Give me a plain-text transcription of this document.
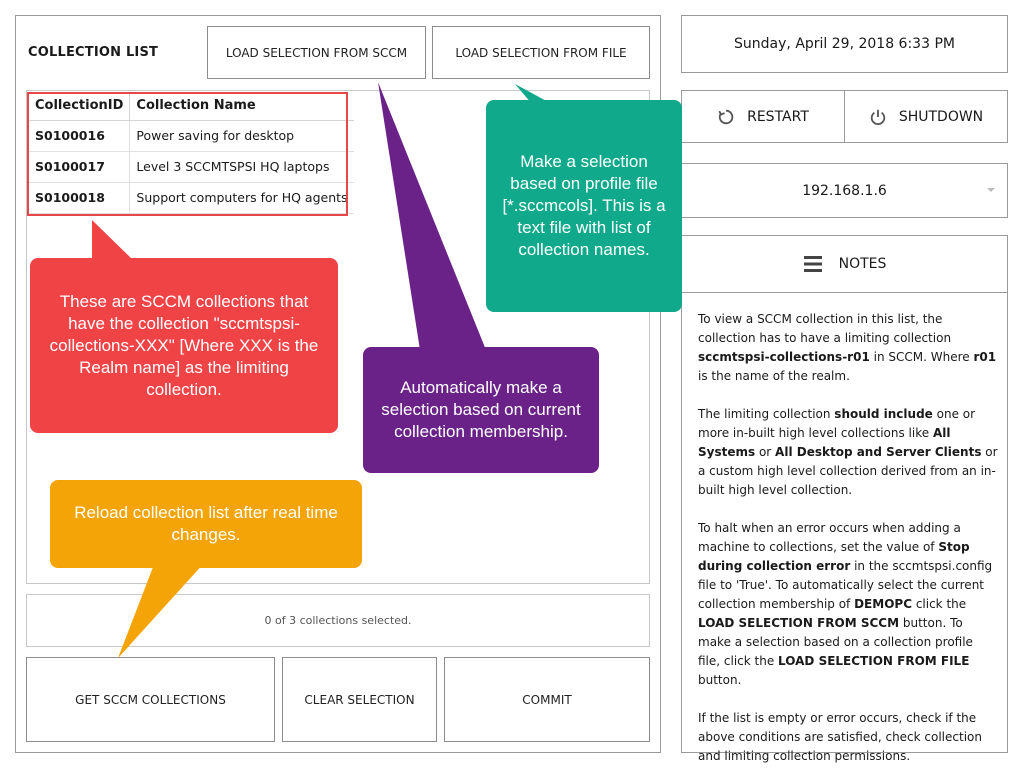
COLLECTION LIST	LOAD SELECTION FROM SCCM	LOAD SELECTION FROM FILE
CollectionID	Collection Name
S0100016	Power saving for desktop
S0100017	Level 3 SCCMTSPSI HQ laptops
S0100018	Support computers for HQ agents
0 of 3 collections selected.
GET SCCM COLLECTIONS	CLEAR SELECTION	COMMIT
Sunday, April 29, 2018 6:33 PM
RESTART	SHUTDOWN
192.168.1.6
NOTES

To view a SCCM collection in this list, the collection has to have a limiting collection sccmtspsi-collections-r01 in SCCM. Where r01 is the name of the realm.

The limiting collection should include one or more in-built high level collections like All Systems or All Desktop and Server Clients or a custom high level collection derived from an in-built high level collection.

To halt when an error occurs when adding a machine to collections, set the value of Stop during collection error in the sccmtspsi.config file to 'True'. To automatically select the current collection membership of DEMOPC click the LOAD SELECTION FROM SCCM button. To make a selection based on a collection profile file, click the LOAD SELECTION FROM FILE button.

If the list is empty or error occurs, check if the above conditions are satisfied, check collection and limiting collection permissions.

These are SCCM collections that have the collection "sccmtspsi-collections-XXX" [Where XXX is the Realm name] as the limiting collection.	Automatically make a selection based on current collection membership.
Make a selection based on profile file [*.sccmcols]. This is a text file with list of collection names.
Reload collection list after real time changes.
